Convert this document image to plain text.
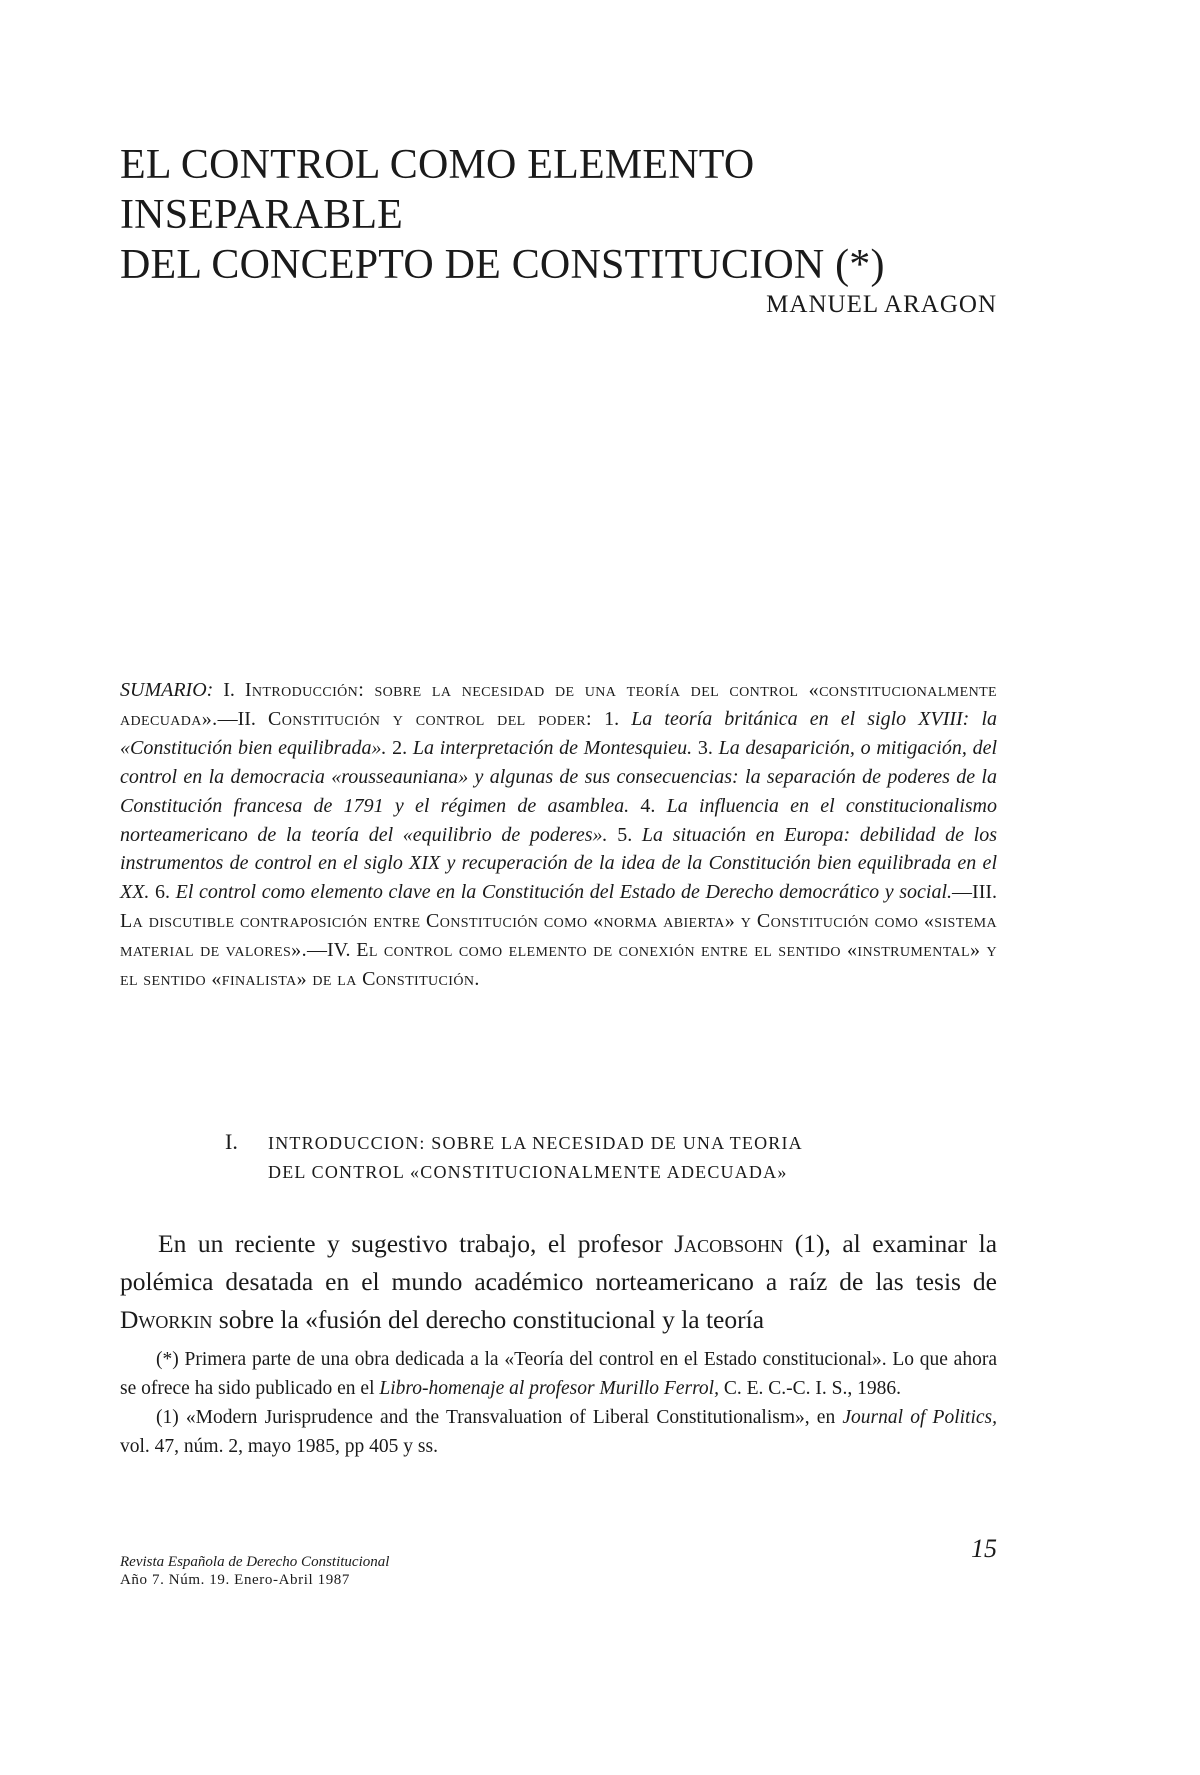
EL CONTROL COMO ELEMENTO INSEPARABLE
DEL CONCEPTO DE CONSTITUCION (*)
MANUEL ARAGON
SUMARIO: I. Introducción: sobre la necesidad de una teoría del control «constitucionalmente adecuada».—II. Constitución y control del poder: 1. La teoría británica en el siglo XVIII: la «Constitución bien equilibrada». 2. La interpretación de Montesquieu. 3. La desaparición, o mitigación, del control en la democracia «rousseauniana» y algunas de sus consecuencias: la separación de poderes de la Constitución francesa de 1791 y el régimen de asamblea. 4. La influencia en el constitucionalismo norteamericano de la teoría del «equilibrio de poderes». 5. La situación en Europa: debilidad de los instrumentos de control en el siglo XIX y recuperación de la idea de la Constitución bien equilibrada en el XX. 6. El control como elemento clave en la Constitución del Estado de Derecho democrático y social.—III. La discutible contraposición entre Constitución como «norma abierta» y Constitución como «sistema material de valores».—IV. El control como elemento de conexión entre el sentido «instrumental» y el sentido «finalista» de la Constitución.
I. INTRODUCCION: SOBRE LA NECESIDAD DE UNA TEORIA
DEL CONTROL «CONSTITUCIONALMENTE ADECUADA»

En un reciente y sugestivo trabajo, el profesor Jacobsohn (1), al examinar la polémica desatada en el mundo académico norteamericano a raíz de las tesis de Dworkin sobre la «fusión del derecho constitucional y la teoría

(*) Primera parte de una obra dedicada a la «Teoría del control en el Estado constitucional». Lo que ahora se ofrece ha sido publicado en el Libro-homenaje al profesor Murillo Ferrol, C. E. C.-C. I. S., 1986.

(1) «Modern Jurisprudence and the Transvaluation of Liberal Constitutionalism», en Journal of Politics, vol. 47, núm. 2, mayo 1985, pp 405 y ss.

Revista Española de Derecho Constitucional
Año 7. Núm. 19. Enero-Abril 1987
15
